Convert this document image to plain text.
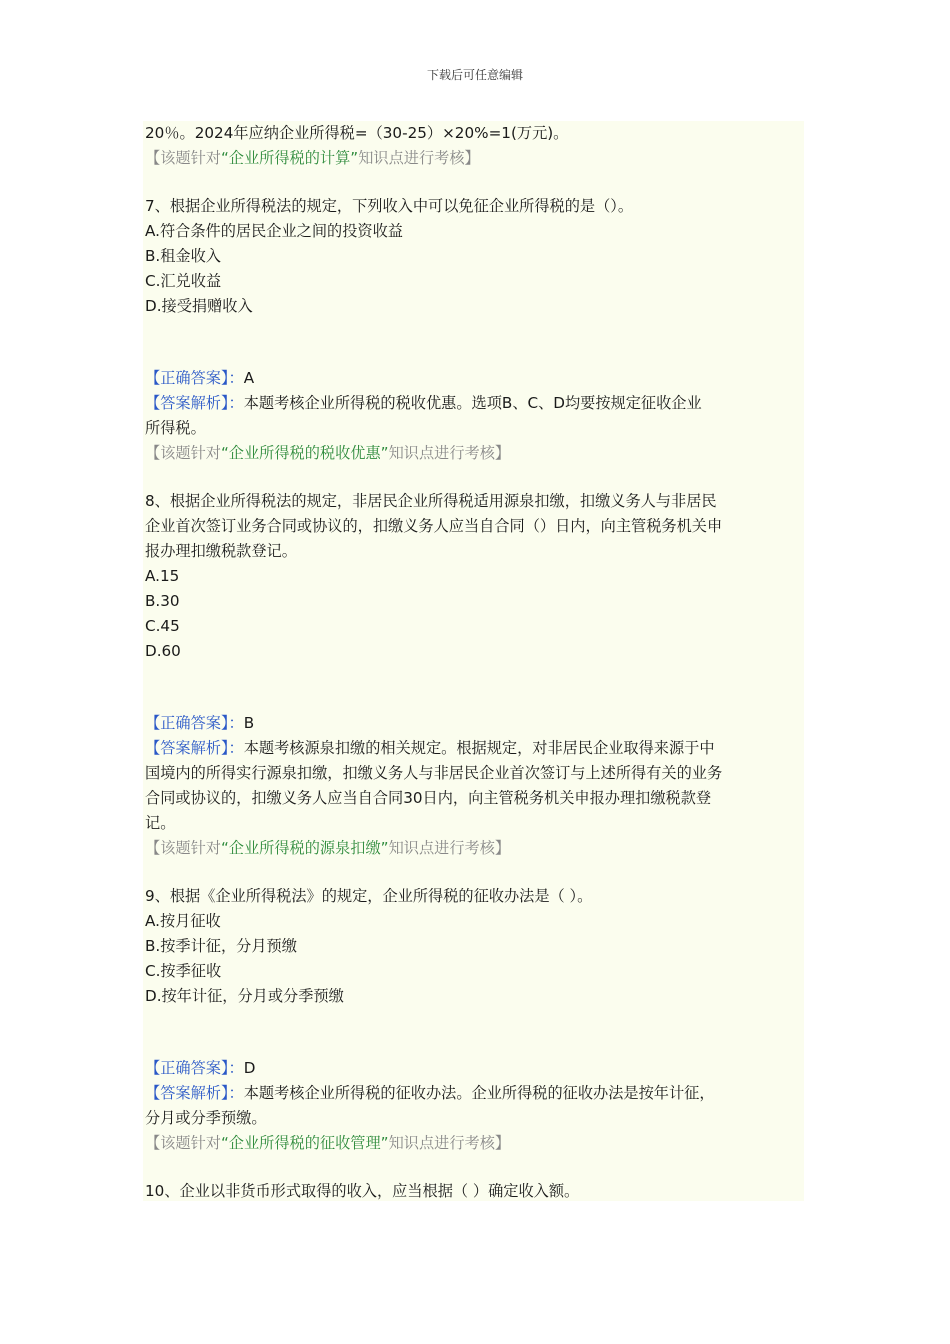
下载后可任意编辑
20％。2024年应纳企业所得税=（30-25）×20%=1(万元)。
【该题针对“企业所得税的计算”知识点进行考核】
7、根据企业所得税法的规定，下列收入中可以免征企业所得税的是（）。
A.符合条件的居民企业之间的投资收益
B.租金收入
C.汇兑收益
D.接受捐赠收入
【正确答案】：A
【答案解析】：本题考核企业所得税的税收优惠。选项B、C、D均要按规定征收企业
所得税。
【该题针对“企业所得税的税收优惠”知识点进行考核】
8、根据企业所得税法的规定，非居民企业所得税适用源泉扣缴，扣缴义务人与非居民
企业首次签订业务合同或协议的，扣缴义务人应当自合同（）日内，向主管税务机关申
报办理扣缴税款登记。
A.15
B.30
C.45
D.60
【正确答案】：B
【答案解析】：本题考核源泉扣缴的相关规定。根据规定，对非居民企业取得来源于中
国境内的所得实行源泉扣缴，扣缴义务人与非居民企业首次签订与上述所得有关的业务
合同或协议的，扣缴义务人应当自合同30日内，向主管税务机关申报办理扣缴税款登
记。
【该题针对“企业所得税的源泉扣缴”知识点进行考核】
9、根据《企业所得税法》的规定，企业所得税的征收办法是（ ）。
A.按月征收
B.按季计征，分月预缴
C.按季征收
D.按年计征，分月或分季预缴
【正确答案】：D
【答案解析】：本题考核企业所得税的征收办法。企业所得税的征收办法是按年计征，
分月或分季预缴。
【该题针对“企业所得税的征收管理”知识点进行考核】
10、企业以非货币形式取得的收入，应当根据（ ）确定收入额。
